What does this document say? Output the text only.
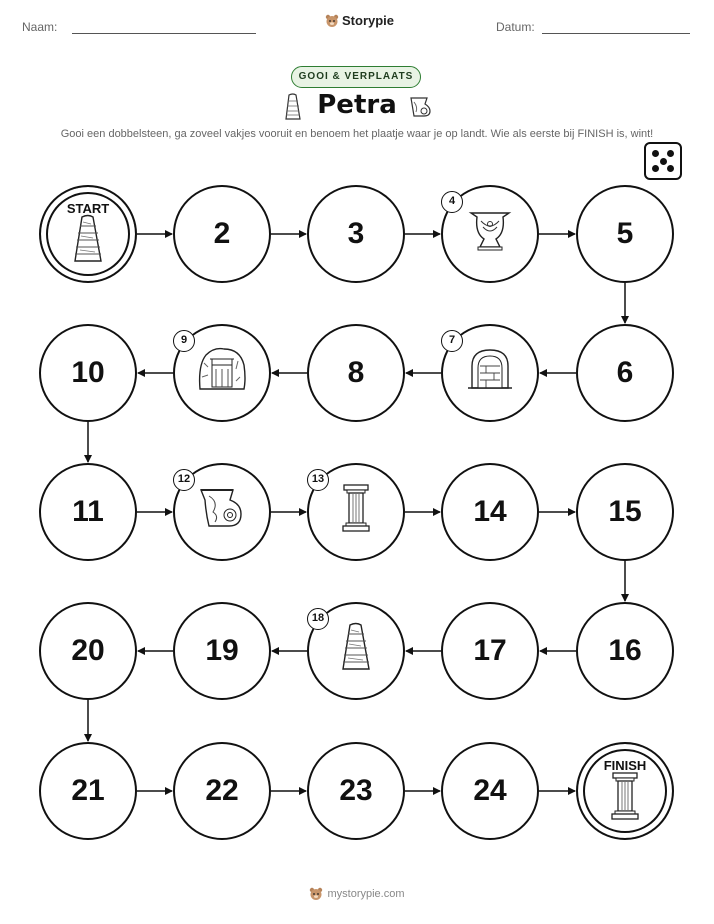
Naam:	Storypie	Datum:
GOOI & VERPLAATS
Petra
Gooi een dobbelsteen, ga zoveel vakjes vooruit en benoem het plaatje waar je op landt. Wie als eerste bij FINISH is, wint!
START
2	3
4
5
6
7
8
9
10
11
12	13
14	15
16
17
18
19
20
21	22	23	24
FINISH
mystorypie.com
